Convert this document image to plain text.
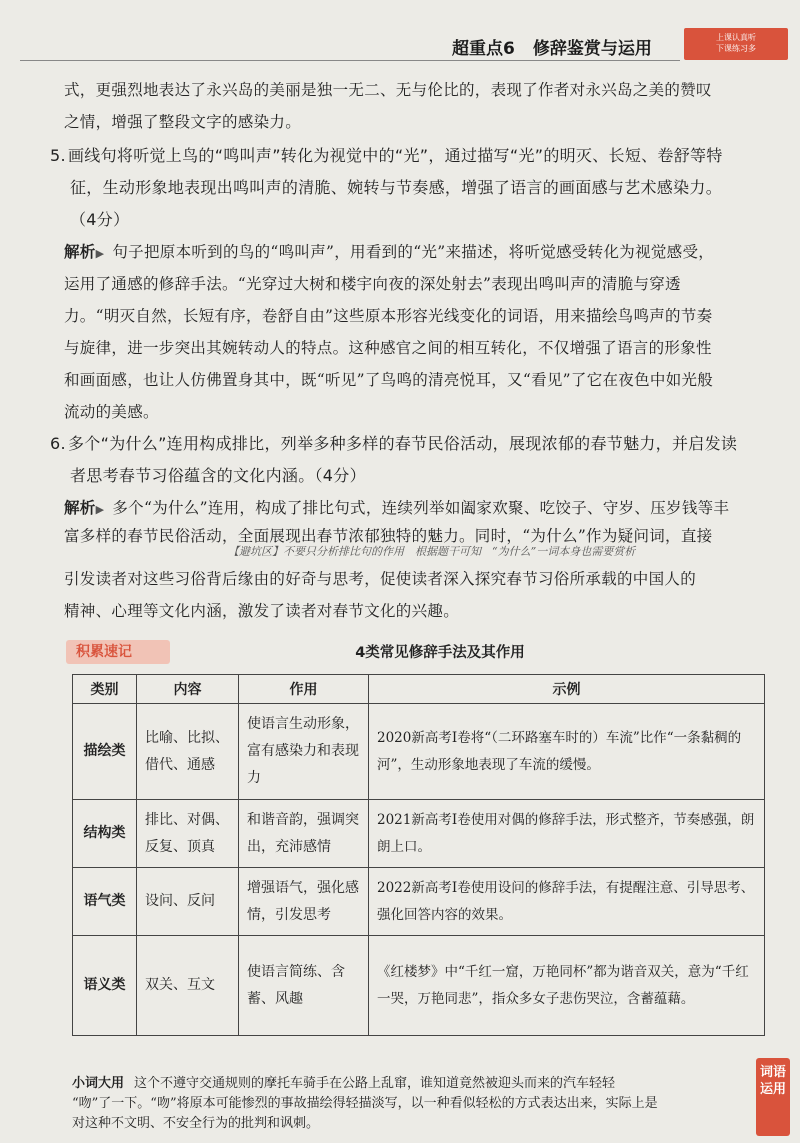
超重点6 修辞鉴赏与运用
上课认真听
下课练习多
式，更强烈地表达了永兴岛的美丽是独一无二、无与伦比的，表现了作者对永兴岛之美的赞叹
之情，增强了整段文字的感染力。
5. 画线句将听觉上鸟的“鸣叫声”转化为视觉中的“光”，通过描写“光”的明灭、长短、卷舒等特
征，生动形象地表现出鸣叫声的清脆、婉转与节奏感，增强了语言的画面感与艺术感染力。
（4分）
解析▶ 句子把原本听到的鸟的“鸣叫声”，用看到的“光”来描述，将听觉感受转化为视觉感受，
运用了通感的修辞手法。“光穿过大树和楼宇向夜的深处射去”表现出鸣叫声的清脆与穿透
力。“明灭自然，长短有序，卷舒自由”这些原本形容光线变化的词语，用来描绘鸟鸣声的节奏
与旋律，进一步突出其婉转动人的特点。这种感官之间的相互转化，不仅增强了语言的形象性
和画面感，也让人仿佛置身其中，既“听见”了鸟鸣的清亮悦耳，又“看见”了它在夜色中如光般
流动的美感。
6. 多个“为什么”连用构成排比，列举多种多样的春节民俗活动，展现浓郁的春节魅力，并启发读
者思考春节习俗蕴含的文化内涵。（4分）
解析▶ 多个“为什么”连用，构成了排比句式，连续列举如阖家欢聚、吃饺子、守岁、压岁钱等丰
富多样的春节民俗活动，全面展现出春节浓郁独特的魅力。同时，“为什么”作为疑问词，直接
【避坑区】不要只分析排比句的作用　根据题干可知　“为什么”一词本身也需要赏析
引发读者对这些习俗背后缘由的好奇与思考，促使读者深入探究春节习俗所承载的中国人的
精神、心理等文化内涵，激发了读者对春节文化的兴趣。
积累速记	4类常见修辞手法及其作用
类别	内容	作用	示例
描绘类	比喻、比拟、借代、通感	使语言生动形象，富有感染力和表现力	2020新高考Ⅰ卷将“（二环路塞车时的）车流”比作“一条黏稠的河”，生动形象地表现了车流的缓慢。
结构类	排比、对偶、反复、顶真	和谐音韵，强调突出，充沛感情	2021新高考Ⅰ卷使用对偶的修辞手法，形式整齐，节奏感强，朗朗上口。
语气类	设问、反问	增强语气，强化感情，引发思考	2022新高考Ⅰ卷使用设问的修辞手法，有提醒注意、引导思考、强化回答内容的效果。
语义类	双关、互文	使语言简练、含蓄、风趣	《红楼梦》中“千红一窟，万艳同杯”都为谐音双关，意为“千红一哭，万艳同悲”，指众多女子悲伤哭泣，含蓄蕴藉。
小词大用 这个不遵守交通规则的摩托车骑手在公路上乱窜，谁知道竟然被迎头而来的汽车轻轻
“吻”了一下。“吻”将原本可能惨烈的事故描绘得轻描淡写，以一种看似轻松的方式表达出来，实际上是
对这种不文明、不安全行为的批判和讽刺。
词语运用
